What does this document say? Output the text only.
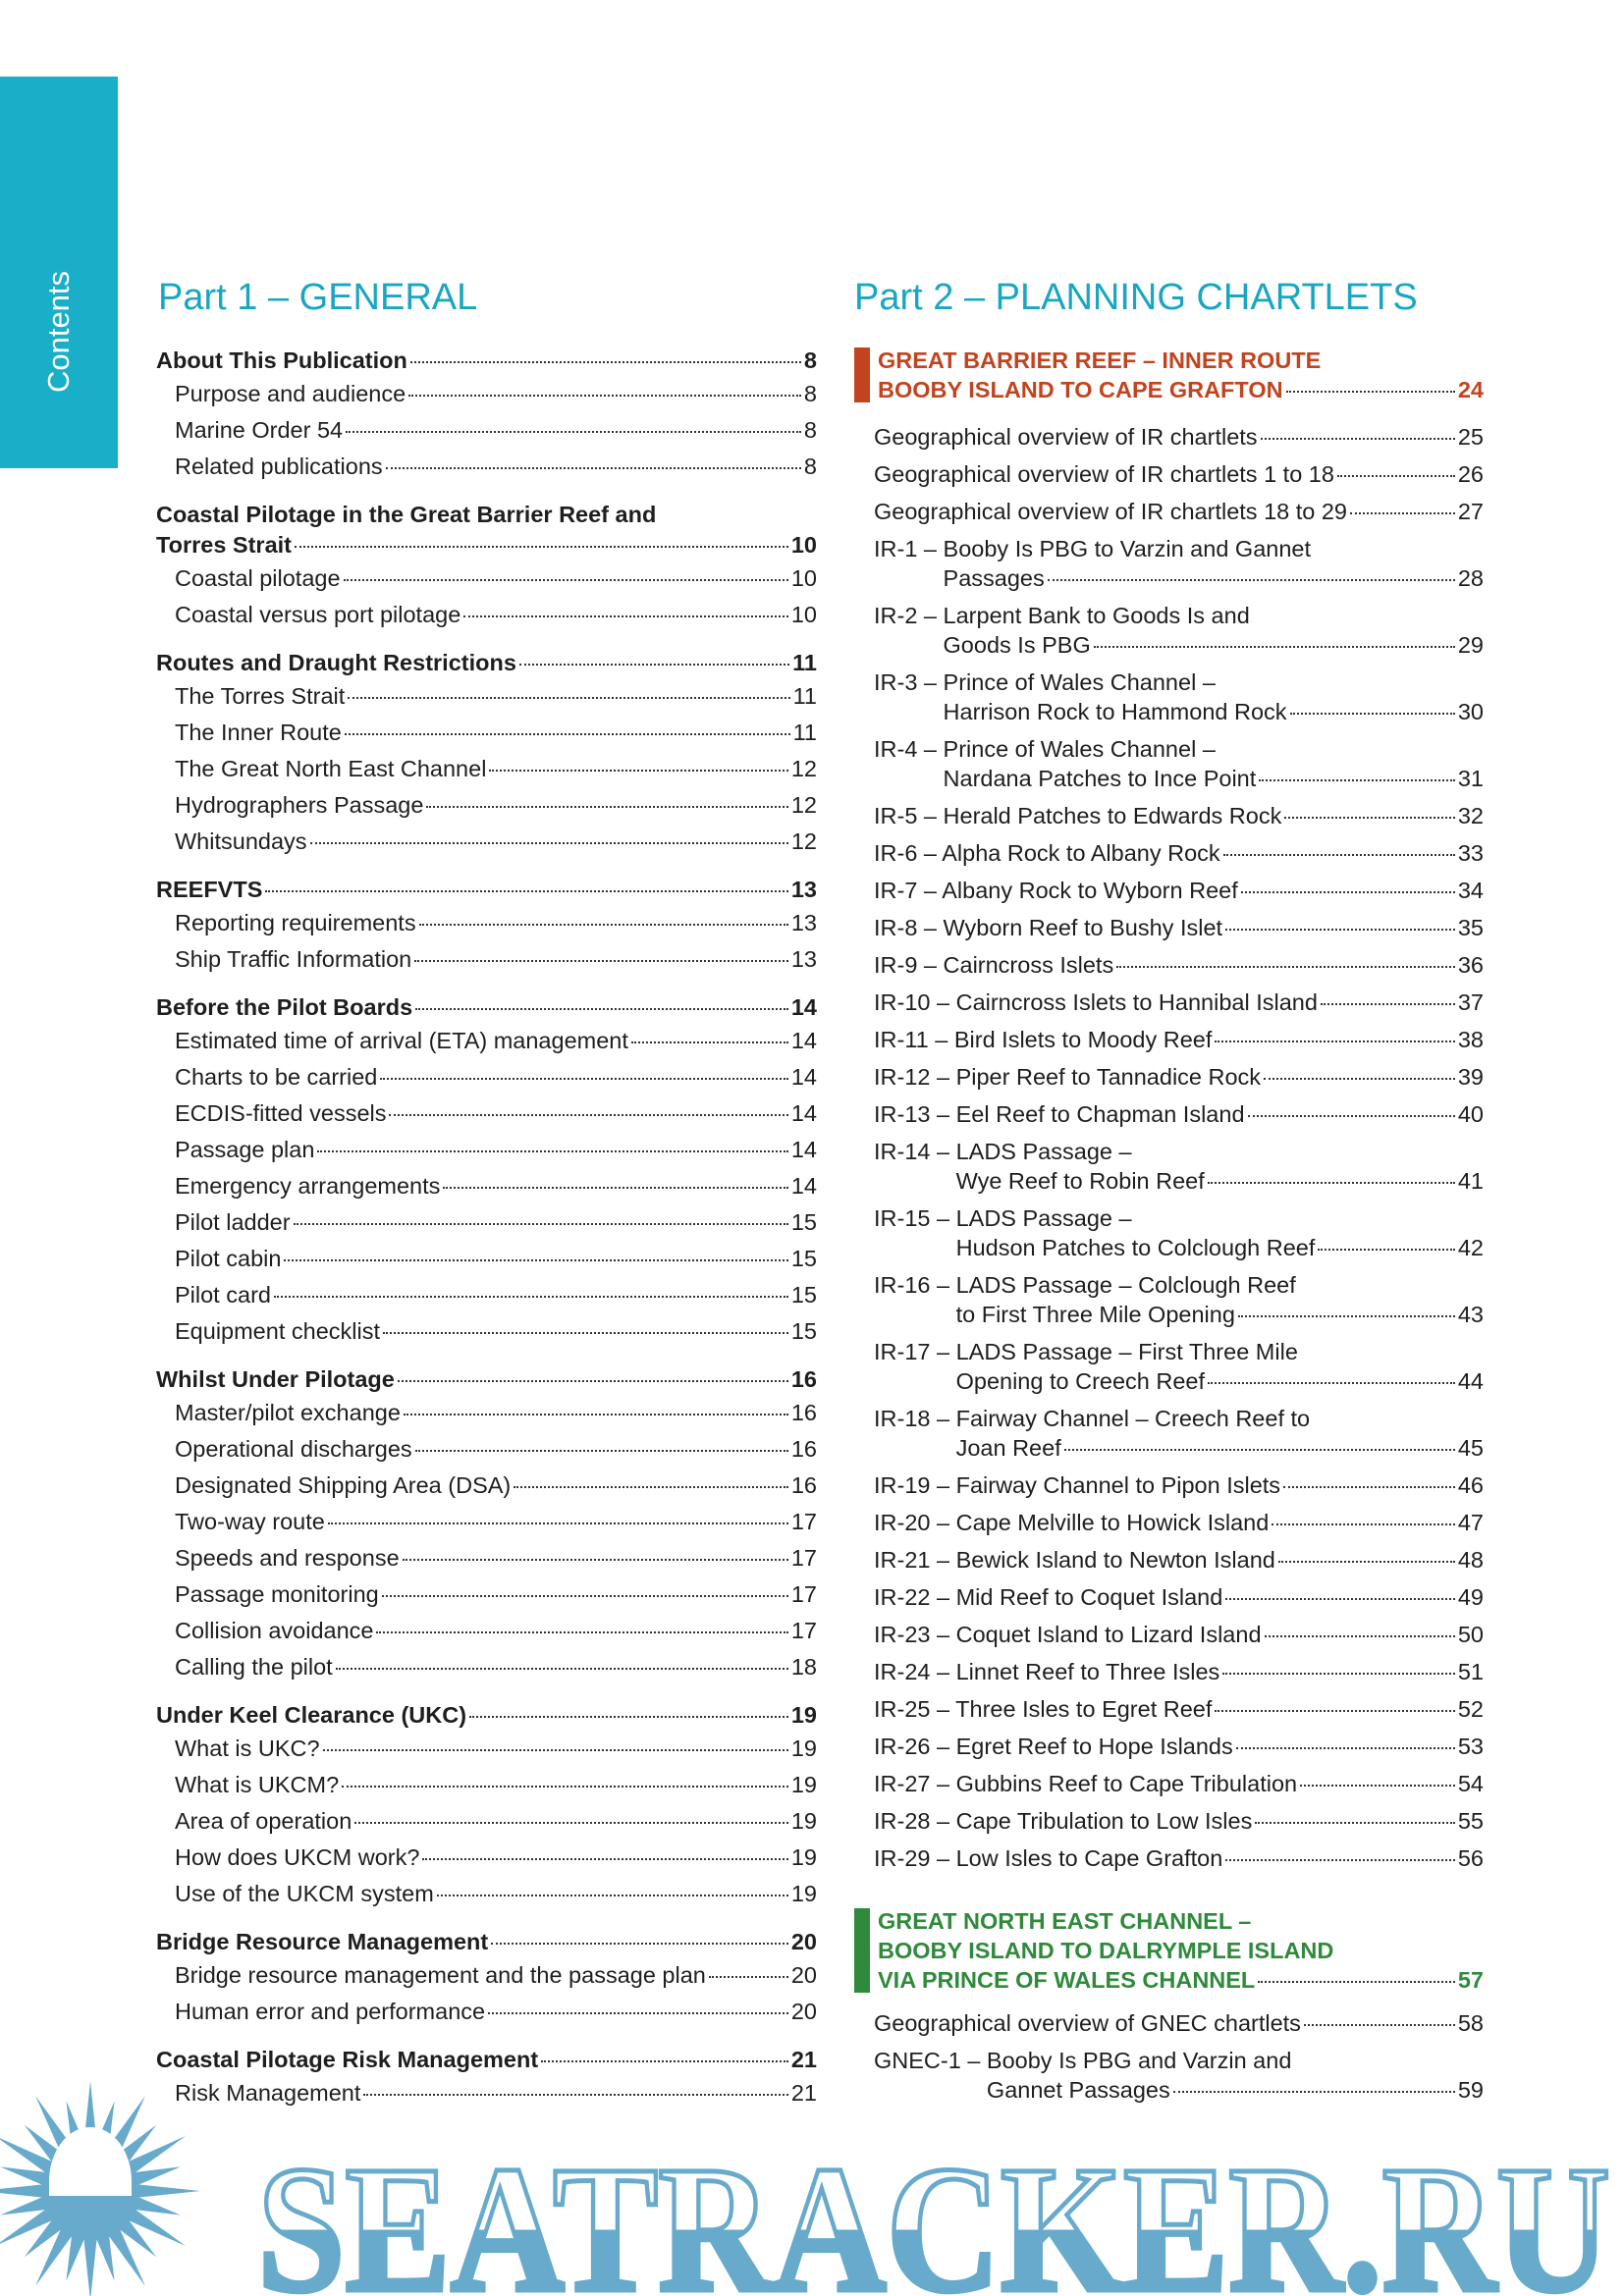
Contents Part 1 – GENERAL	Part 2 – PLANNING CHARTLETS
About This Publication	8
Purpose and audience	8
Marine Order 54	8
Related publications	8
Coastal Pilotage in the Great Barrier Reef and
Torres Strait	10
Coastal pilotage	10
Coastal versus port pilotage	10
Routes and Draught Restrictions	11
The Torres Strait	11
The Inner Route	11
The Great North East Channel	12
Hydrographers Passage	12
Whitsundays	12
REEFVTS	13
Reporting requirements	13
Ship Traffic Information	13
Before the Pilot Boards	14
Estimated time of arrival (ETA) management	14
Charts to be carried	14
ECDIS-fitted vessels	14
Passage plan	14
Emergency arrangements	14
Pilot ladder	15
Pilot cabin	15
Pilot card	15
Equipment checklist	15
Whilst Under Pilotage	16
Master/pilot exchange	16
Operational discharges	16
Designated Shipping Area (DSA)	16
Two-way route	17
Speeds and response	17
Passage monitoring	17
Collision avoidance	17
Calling the pilot	18
Under Keel Clearance (UKC)	19
What is UKC?	19
What is UKCM?	19
Area of operation	19
How does UKCM work?	19
Use of the UKCM system	19
Bridge Resource Management	20
Bridge resource management and the passage plan	20
Human error and performance	20
Coastal Pilotage Risk Management	21
Risk Management	21
GREAT BARRIER REEF – INNER ROUTE
BOOBY ISLAND TO CAPE GRAFTON	24
Geographical overview of IR chartlets	25
Geographical overview of IR chartlets 1 to 18	26
Geographical overview of IR chartlets 18 to 29	27
IR-1 – Booby Is PBG to Varzin and Gannet
Passages	28
IR-2 – Larpent Bank to Goods Is and
Goods Is PBG	29
IR-3 – Prince of Wales Channel –
Harrison Rock to Hammond Rock	30
IR-4 – Prince of Wales Channel –
Nardana Patches to Ince Point	31
IR-5 – Herald Patches to Edwards Rock	32
IR-6 – Alpha Rock to Albany Rock	33
IR-7 – Albany Rock to Wyborn Reef	34
IR-8 – Wyborn Reef to Bushy Islet	35
IR-9 – Cairncross Islets	36
IR-10 – Cairncross Islets to Hannibal Island	37
IR-11 – Bird Islets to Moody Reef	38
IR-12 – Piper Reef to Tannadice Rock	39
IR-13 – Eel Reef to Chapman Island	40
IR-14 – LADS Passage –
Wye Reef to Robin Reef	41
IR-15 – LADS Passage –
Hudson Patches to Colclough Reef	42
IR-16 – LADS Passage – Colclough Reef
to First Three Mile Opening	43
IR-17 – LADS Passage – First Three Mile
Opening to Creech Reef	44
IR-18 – Fairway Channel – Creech Reef to
Joan Reef	45
IR-19 – Fairway Channel to Pipon Islets	46
IR-20 – Cape Melville to Howick Island	47
IR-21 – Bewick Island to Newton Island	48
IR-22 – Mid Reef to Coquet Island	49
IR-23 – Coquet Island to Lizard Island	50
IR-24 – Linnet Reef to Three Isles	51
IR-25 – Three Isles to Egret Reef	52
IR-26 – Egret Reef to Hope Islands	53
IR-27 – Gubbins Reef to Cape Tribulation	54
IR-28 – Cape Tribulation to Low Isles	55
IR-29 – Low Isles to Cape Grafton	56
GREAT NORTH EAST CHANNEL –
BOOBY ISLAND TO DALRYMPLE ISLAND
VIA PRINCE OF WALES CHANNEL	57
Geographical overview of GNEC chartlets	58
GNEC-1 – Booby Is PBG and Varzin and
Gannet Passages	59
SEATRACKER.RU
